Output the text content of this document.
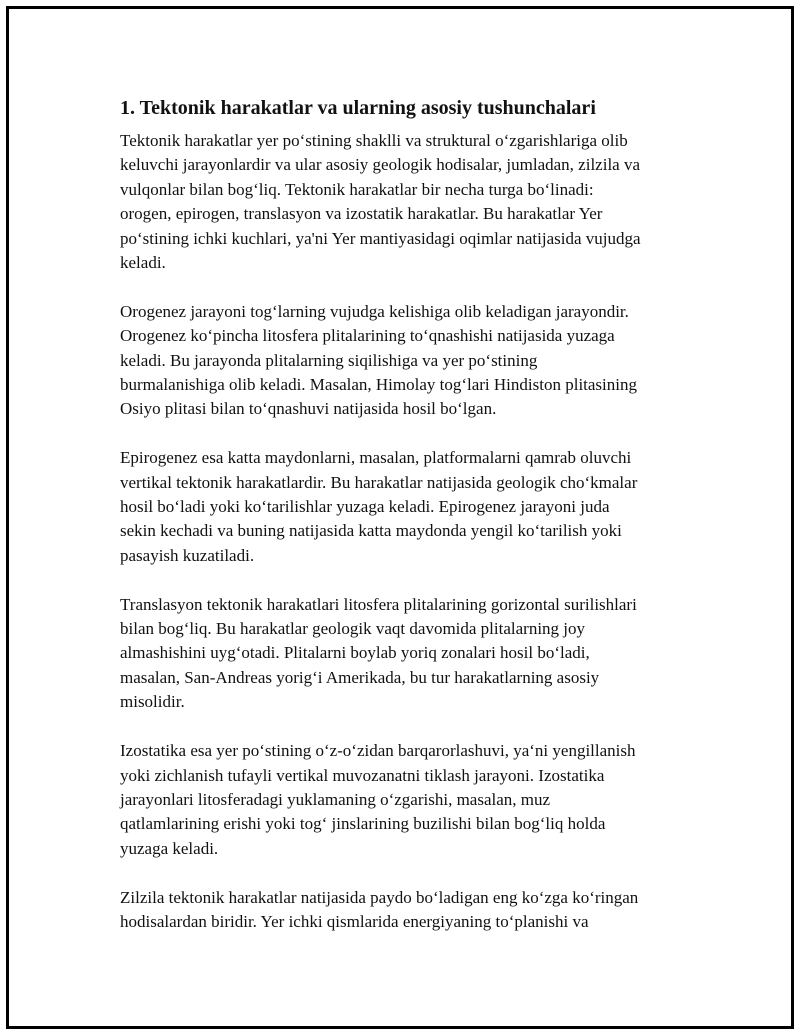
1. Tektonik harakatlar va ularning asosiy tushunchalari
Tektonik harakatlar yer poʻstining shaklli va struktural oʻzgarishlariga olib
keluvchi jarayonlardir va ular asosiy geologik hodisalar, jumladan, zilzila va
vulqonlar bilan bogʻliq. Tektonik harakatlar bir necha turga boʻlinadi:
orogen, epirogen, translasyon va izostatik harakatlar. Bu harakatlar Yer
poʻstining ichki kuchlari, ya'ni Yer mantiyasidagi oqimlar natijasida vujudga
keladi.
Orogenez jarayoni togʻlarning vujudga kelishiga olib keladigan jarayondir.
Orogenez koʻpincha litosfera plitalarining toʻqnashishi natijasida yuzaga
keladi. Bu jarayonda plitalarning siqilishiga va yer poʻstining
burmalanishiga olib keladi. Masalan, Himolay togʻlari Hindiston plitasining
Osiyo plitasi bilan toʻqnashuvi natijasida hosil boʻlgan.
Epirogenez esa katta maydonlarni, masalan, platformalarni qamrab oluvchi
vertikal tektonik harakatlardir. Bu harakatlar natijasida geologik choʻkmalar
hosil boʻladi yoki koʻtarilishlar yuzaga keladi. Epirogenez jarayoni juda
sekin kechadi va buning natijasida katta maydonda yengil koʻtarilish yoki
pasayish kuzatiladi.
Translasyon tektonik harakatlari litosfera plitalarining gorizontal surilishlari
bilan bogʻliq. Bu harakatlar geologik vaqt davomida plitalarning joy
almashishini uygʻotadi. Plitalarni boylab yoriq zonalari hosil boʻladi,
masalan, San-Andreas yorigʻi Amerikada, bu tur harakatlarning asosiy
misolidir.
Izostatika esa yer poʻstining oʻz-oʻzidan barqarorlashuvi, yaʻni yengillanish
yoki zichlanish tufayli vertikal muvozanatni tiklash jarayoni. Izostatika
jarayonlari litosferadagi yuklamaning oʻzgarishi, masalan, muz
qatlamlarining erishi yoki togʻ jinslarining buzilishi bilan bogʻliq holda
yuzaga keladi.
Zilzila tektonik harakatlar natijasida paydo boʻladigan eng koʻzga koʻringan
hodisalardan biridir. Yer ichki qismlarida energiyaning toʻplanishi va
